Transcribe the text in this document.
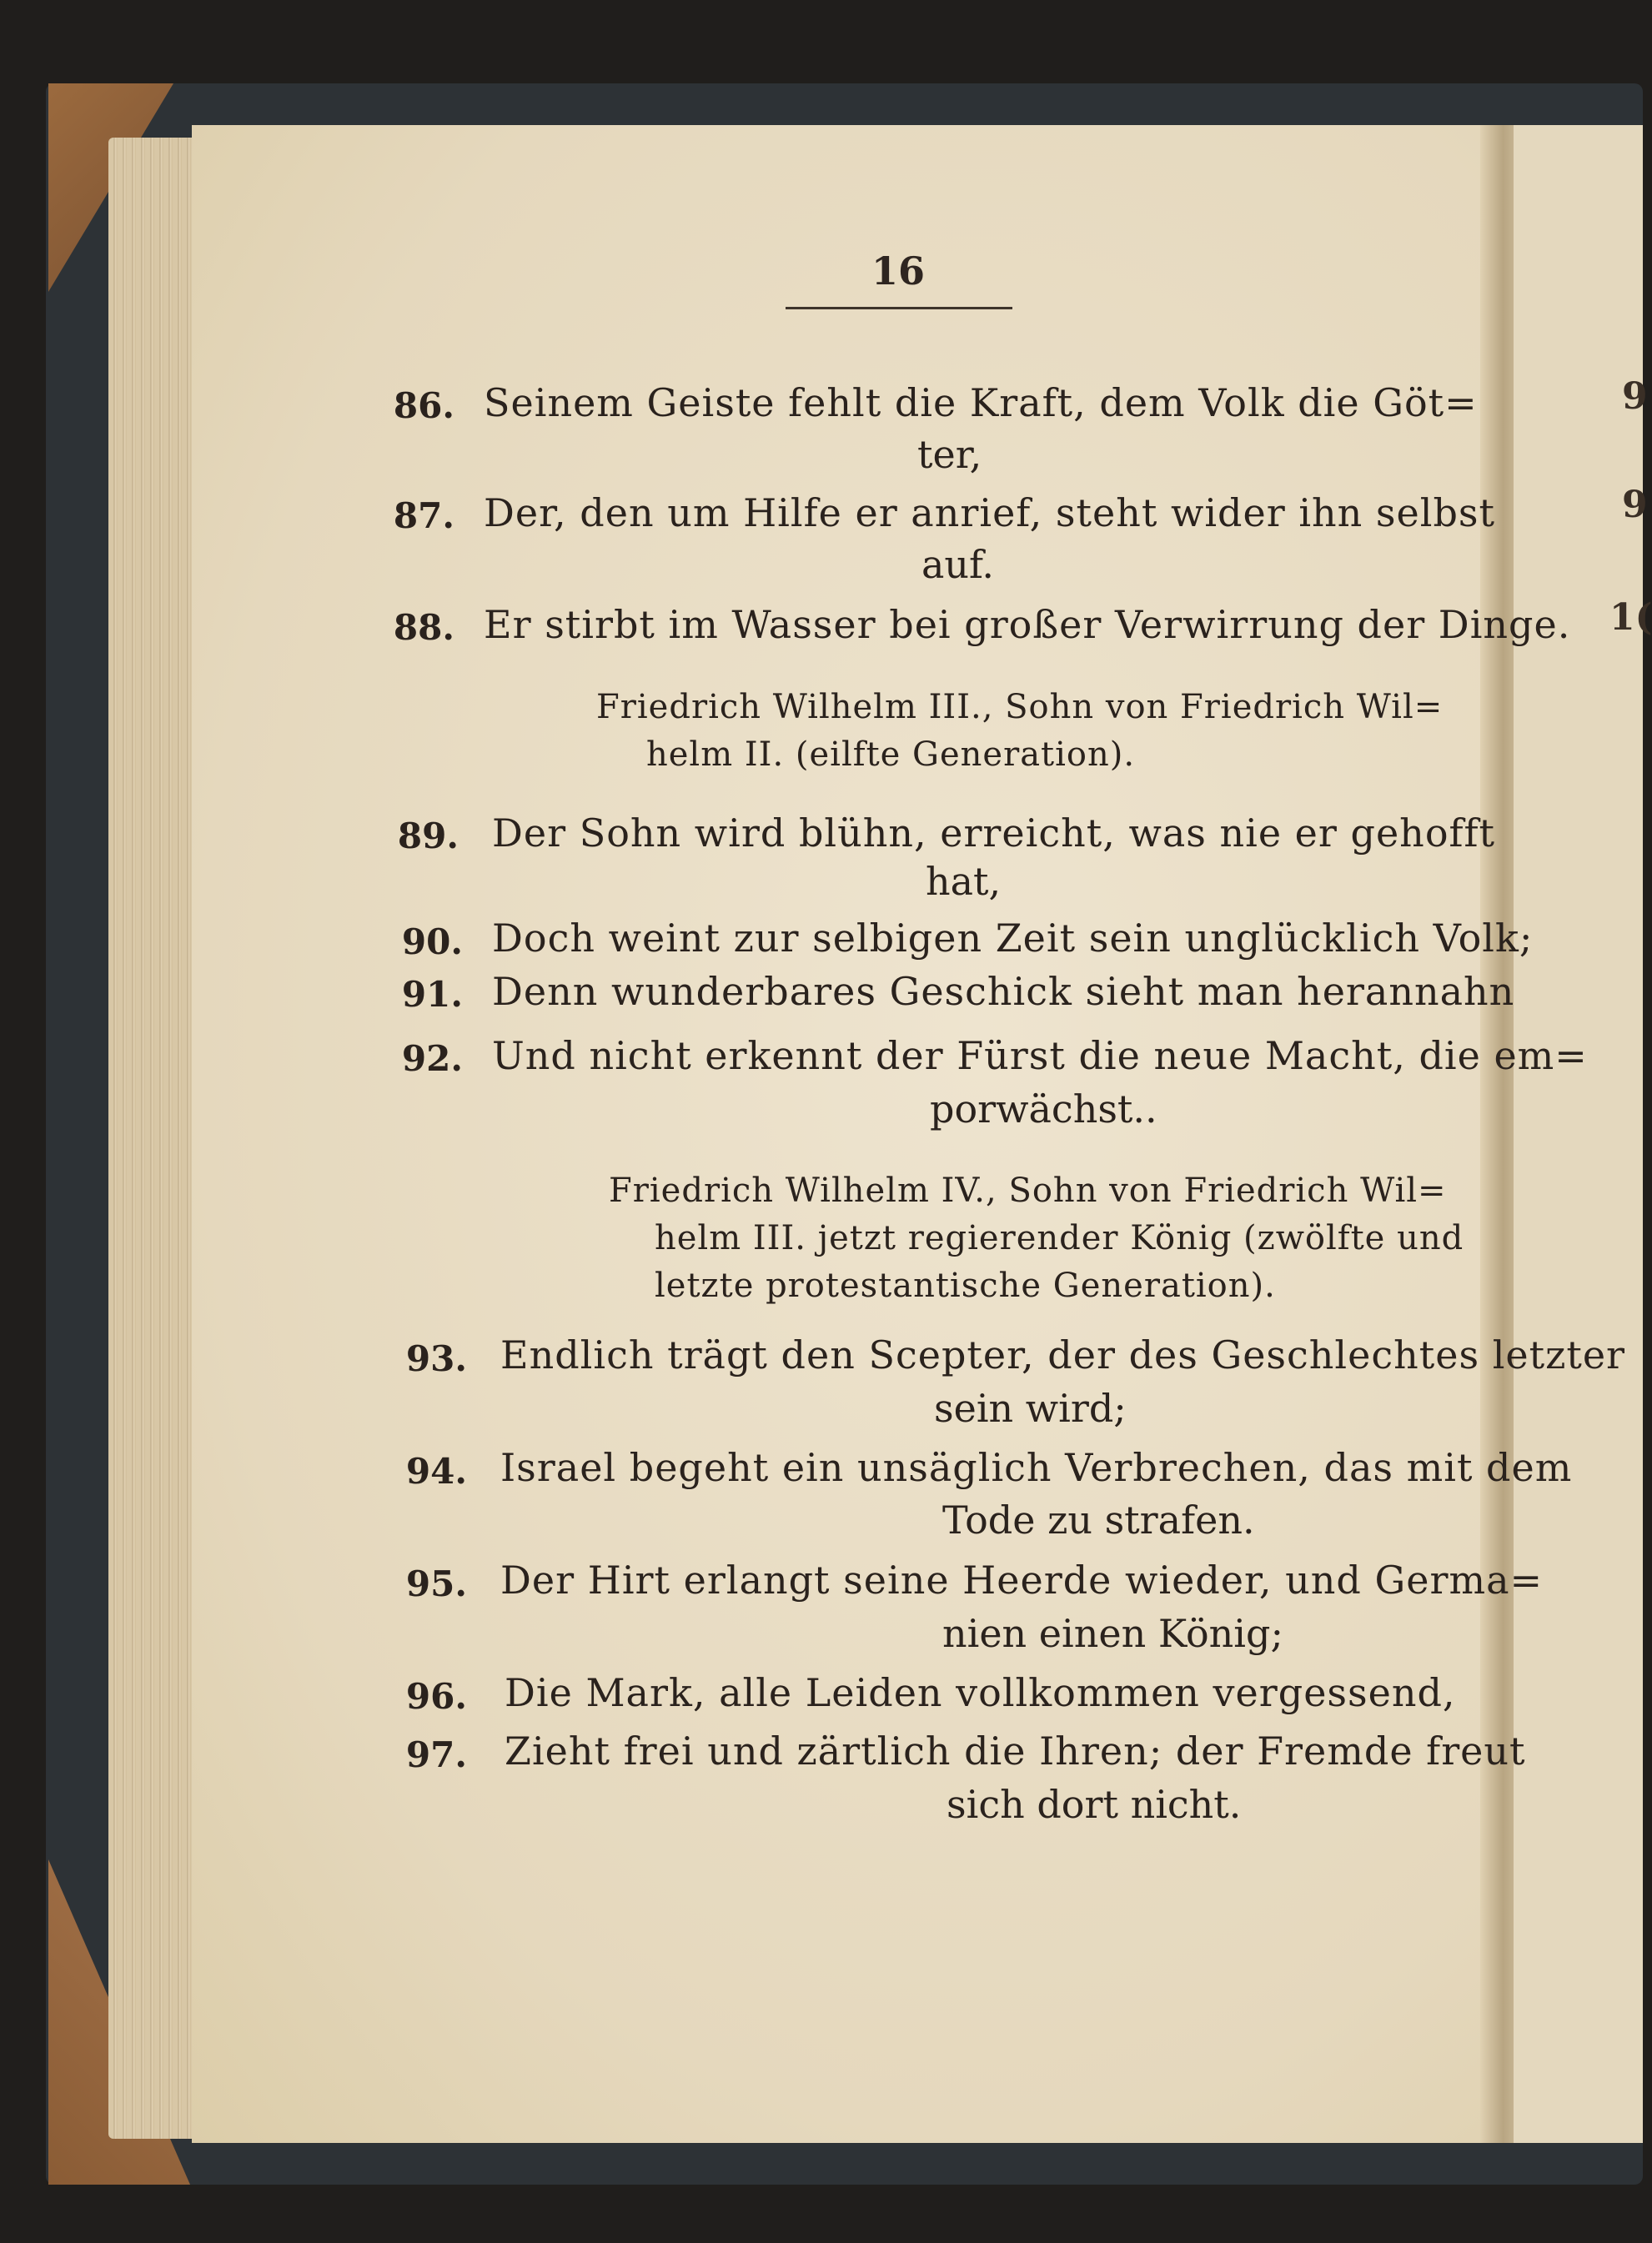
9
9
1(
16
86. Seinem Geiste fehlt die Kraft, dem Volk die Göt=
ter,
87. Der, den um Hilfe er anrief, steht wider ihn selbst
auf.
88. Er stirbt im Wasser bei großer Verwirrung der Dinge.
Friedrich Wilhelm III., Sohn von Friedrich Wil=
helm II. (eilfte Generation).
89. Der Sohn wird blühn, erreicht, was nie er gehofft
hat,
90. Doch weint zur selbigen Zeit sein unglücklich Volk;
91. Denn wunderbares Geschick sieht man herannahn
92. Und nicht erkennt der Fürst die neue Macht, die em=
porwächst..
Friedrich Wilhelm IV., Sohn von Friedrich Wil=
helm III. jetzt regierender König (zwölfte und
letzte protestantische Generation).
93. Endlich trägt den Scepter, der des Geschlechtes letzter
sein wird;
94. Israel begeht ein unsäglich Verbrechen, das mit dem
Tode zu strafen.
95. Der Hirt erlangt seine Heerde wieder, und Germa=
nien einen König;
96. Die Mark, alle Leiden vollkommen vergessend,
97. Zieht frei und zärtlich die Ihren; der Fremde freut
sich dort nicht.
